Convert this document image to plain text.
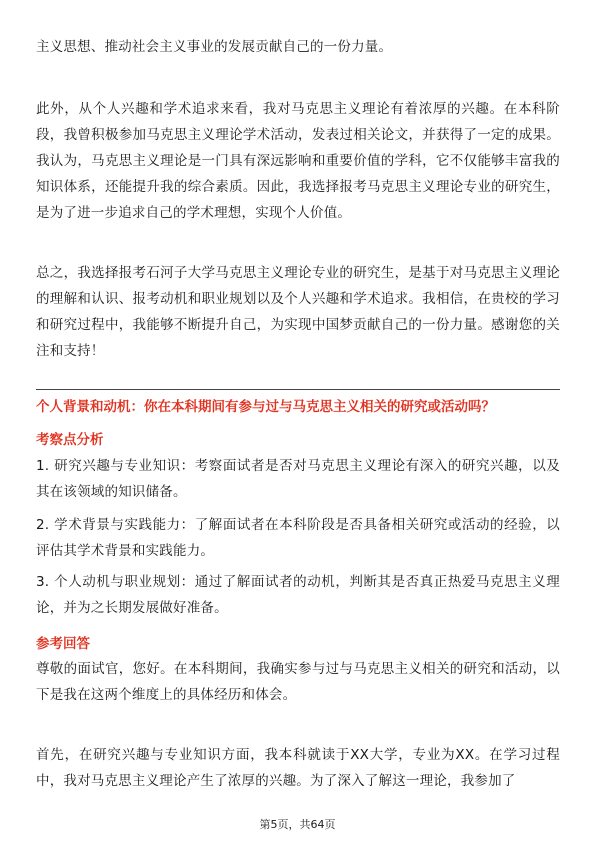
主义思想、推动社会主义事业的发展贡献自己的一份力量。

此外，从个人兴趣和学术追求来看，我对马克思主义理论有着浓厚的兴趣。在本科阶段，我曾积极参加马克思主义理论学术活动，发表过相关论文，并获得了一定的成果。我认为，马克思主义理论是一门具有深远影响和重要价值的学科，它不仅能够丰富我的知识体系，还能提升我的综合素质。因此，我选择报考马克思主义理论专业的研究生，是为了进一步追求自己的学术理想，实现个人价值。

总之，我选择报考石河子大学马克思主义理论专业的研究生，是基于对马克思主义理论的理解和认识、报考动机和职业规划以及个人兴趣和学术追求。我相信，在贵校的学习和研究过程中，我能够不断提升自己，为实现中国梦贡献自己的一份力量。感谢您的关注和支持！

个人背景和动机：你在本科期间有参与过与马克思主义相关的研究或活动吗？

考察点分析

1. 研究兴趣与专业知识：考察面试者是否对马克思主义理论有深入的研究兴趣，以及其在该领域的知识储备。

2. 学术背景与实践能力：了解面试者在本科阶段是否具备相关研究或活动的经验，以评估其学术背景和实践能力。

3. 个人动机与职业规划：通过了解面试者的动机，判断其是否真正热爱马克思主义理论，并为之长期发展做好准备。

参考回答

尊敬的面试官，您好。在本科期间，我确实参与过与马克思主义相关的研究和活动，以下是我在这两个维度上的具体经历和体会。

首先，在研究兴趣与专业知识方面，我本科就读于XX大学，专业为XX。在学习过程中，我对马克思主义理论产生了浓厚的兴趣。为了深入了解这一理论，我参加了

第5页，共64页
